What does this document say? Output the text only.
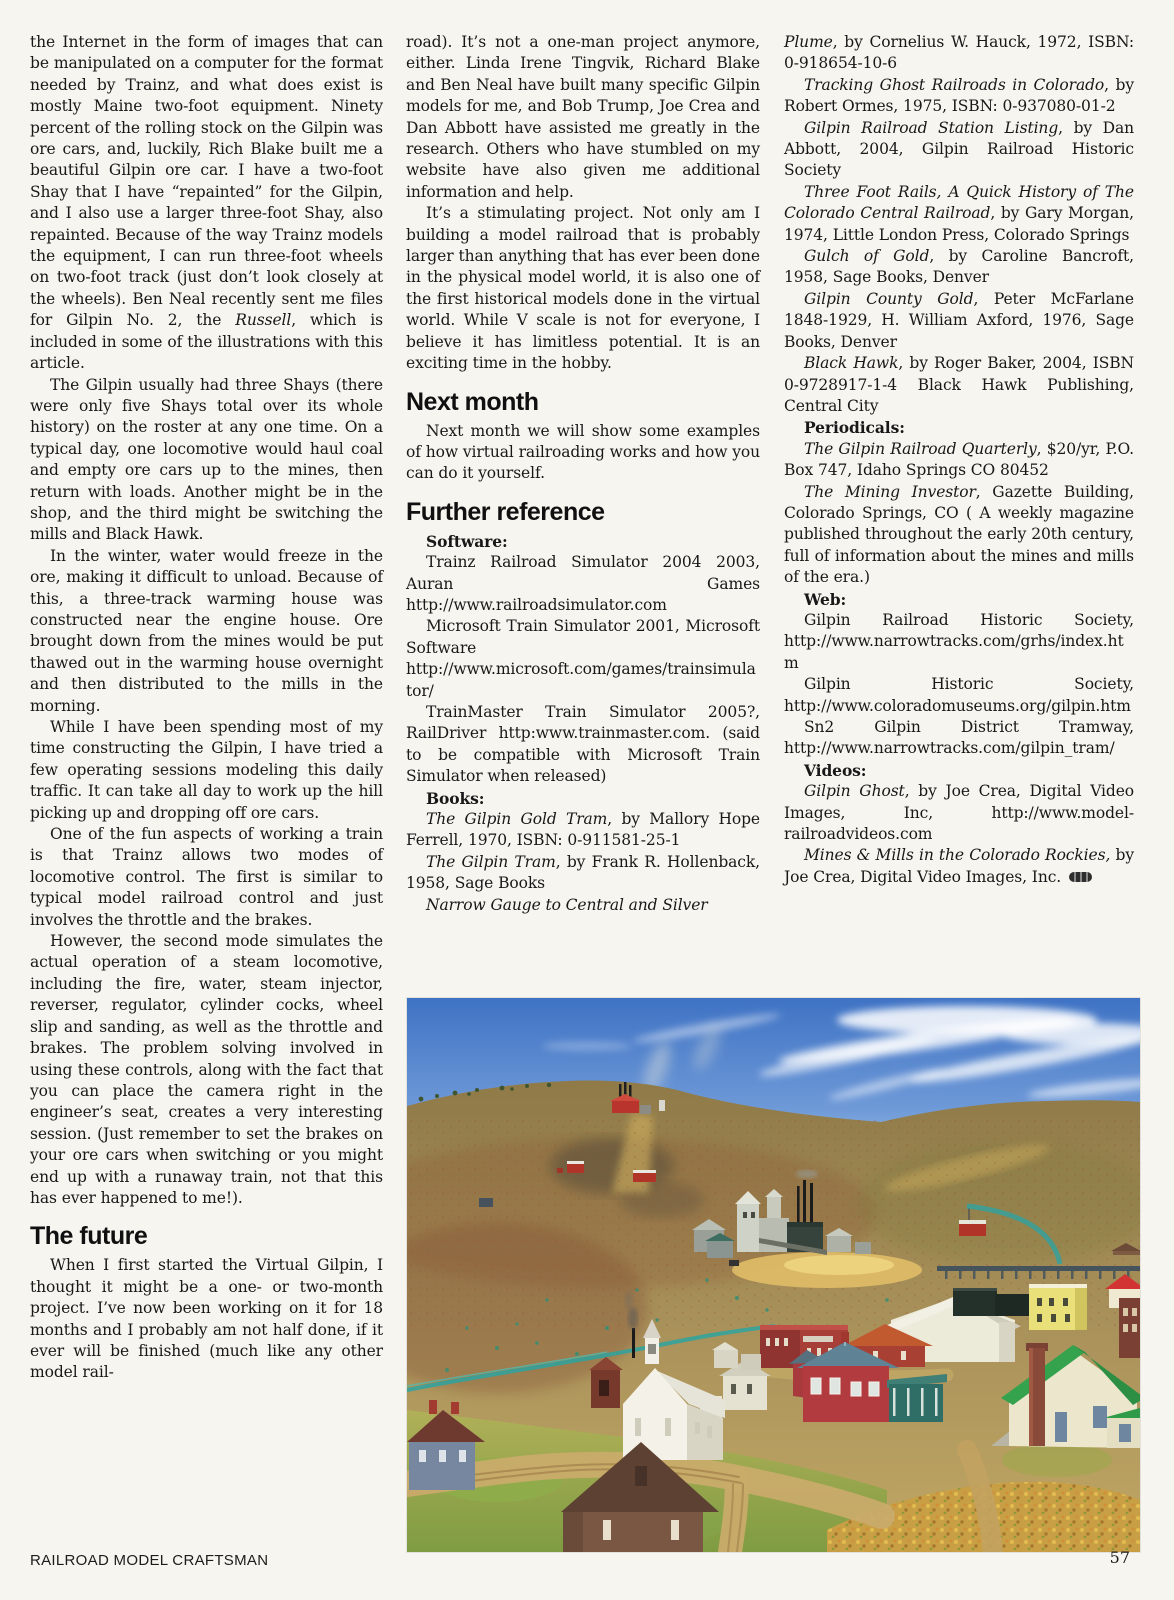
the Internet in the form of images that can be manipulated on a computer for the format needed by Trainz, and what does exist is mostly Maine two-foot equipment. Ninety percent of the rolling stock on the Gilpin was ore cars, and, luckily, Rich Blake built me a beautiful Gilpin ore car. I have a two-foot Shay that I have “repainted” for the Gilpin, and I also use a larger three-foot Shay, also repainted. Because of the way Trainz models the equipment, I can run three-foot wheels on two-foot track (just don’t look closely at the wheels). Ben Neal recently sent me files for Gilpin No. 2, the Russell, which is included in some of the illustrations with this article.

The Gilpin usually had three Shays (there were only five Shays total over its whole history) on the roster at any one time. On a typical day, one locomotive would haul coal and empty ore cars up to the mines, then return with loads. Another might be in the shop, and the third might be switching the mills and Black Hawk.

In the winter, water would freeze in the ore, making it difficult to unload. Because of this, a three-track warming house was constructed near the engine house. Ore brought down from the mines would be put thawed out in the warming house overnight and then distributed to the mills in the morning.

While I have been spending most of my time constructing the Gilpin, I have tried a few operating sessions modeling this daily traffic. It can take all day to work up the hill picking up and dropping off ore cars.

One of the fun aspects of working a train is that Trainz allows two modes of locomotive control. The first is similar to typical model railroad control and just involves the throttle and the brakes.

However, the second mode simulates the actual operation of a steam locomotive, including the fire, water, steam injector, reverser, regulator, cylinder cocks, wheel slip and sanding, as well as the throttle and brakes. The problem solving involved in using these controls, along with the fact that you can place the camera right in the engineer’s seat, creates a very interesting session. (Just remember to set the brakes on your ore cars when switching or you might end up with a runaway train, not that this has ever happened to me!).

The future

When I first started the Virtual Gilpin, I thought it might be a one- or two-month project. I’ve now been working on it for 18 months and I probably am not half done, if it ever will be finished (much like any other model rail-

road). It’s not a one-man project anymore, either. Linda Irene Tingvik, Richard Blake and Ben Neal have built many specific Gilpin models for me, and Bob Trump, Joe Crea and Dan Abbott have assisted me greatly in the research. Others who have stumbled on my website have also given me additional information and help.

It’s a stimulating project. Not only am I building a model railroad that is probably larger than anything that has ever been done in the physical model world, it is also one of the first historical models done in the virtual world. While V scale is not for everyone, I believe it has limitless potential. It is an exciting time in the hobby.

Next month

Next month we will show some examples of how virtual railroading works and how you can do it yourself.

Further reference
Software:

Trainz Railroad Simulator 2004 2003, Auran Games http://www.railroadsimulator.com

Microsoft Train Simulator 2001, Microsoft Software http://www.microsoft.com/games/trainsimulator/

TrainMaster Train Simulator 2005?, RailDriver http:www.trainmaster.com. (said to be compatible with Microsoft Train Simulator when released)

Books:

The Gilpin Gold Tram, by Mallory Hope Ferrell, 1970, ISBN: 0-911581-25-1

The Gilpin Tram, by Frank R. Hollenback, 1958, Sage Books

Narrow Gauge to Central and Silver

Plume, by Cornelius W. Hauck, 1972, ISBN: 0-918654-10-6

Tracking Ghost Railroads in Colorado, by Robert Ormes, 1975, ISBN: 0-937080-01-2

Gilpin Railroad Station Listing, by Dan Abbott, 2004, Gilpin Railroad Historic Society

Three Foot Rails, A Quick History of The Colorado Central Railroad, by Gary Morgan, 1974, Little London Press, Colorado Springs

Gulch of Gold, by Caroline Bancroft, 1958, Sage Books, Denver

Gilpin County Gold, Peter McFarlane 1848-1929, H. William Axford, 1976, Sage Books, Denver

Black Hawk, by Roger Baker, 2004, ISBN 0-9728917-1-4 Black Hawk Publishing, Central City

Periodicals:

The Gilpin Railroad Quarterly, $20/yr, P.O. Box 747, Idaho Springs CO 80452

The Mining Investor, Gazette Building, Colorado Springs, CO ( A weekly magazine published throughout the early 20th century, full of information about the mines and mills of the era.)

Web:

Gilpin Railroad Historic Society, http://www.narrowtracks.com/grhs/index.htm

Gilpin Historic Society, http://www.coloradomuseums.org/gilpin.htm

Sn2 Gilpin District Tramway, http://www.narrowtracks.com/gilpin_tram/

Videos:

Gilpin Ghost, by Joe Crea, Digital Video Images, Inc, http://www.model-railroadvideos.com

Mines & Mills in the Colorado Rockies, by Joe Crea, Digital Video Images, Inc.

RAILROAD MODEL CRAFTSMAN	57
